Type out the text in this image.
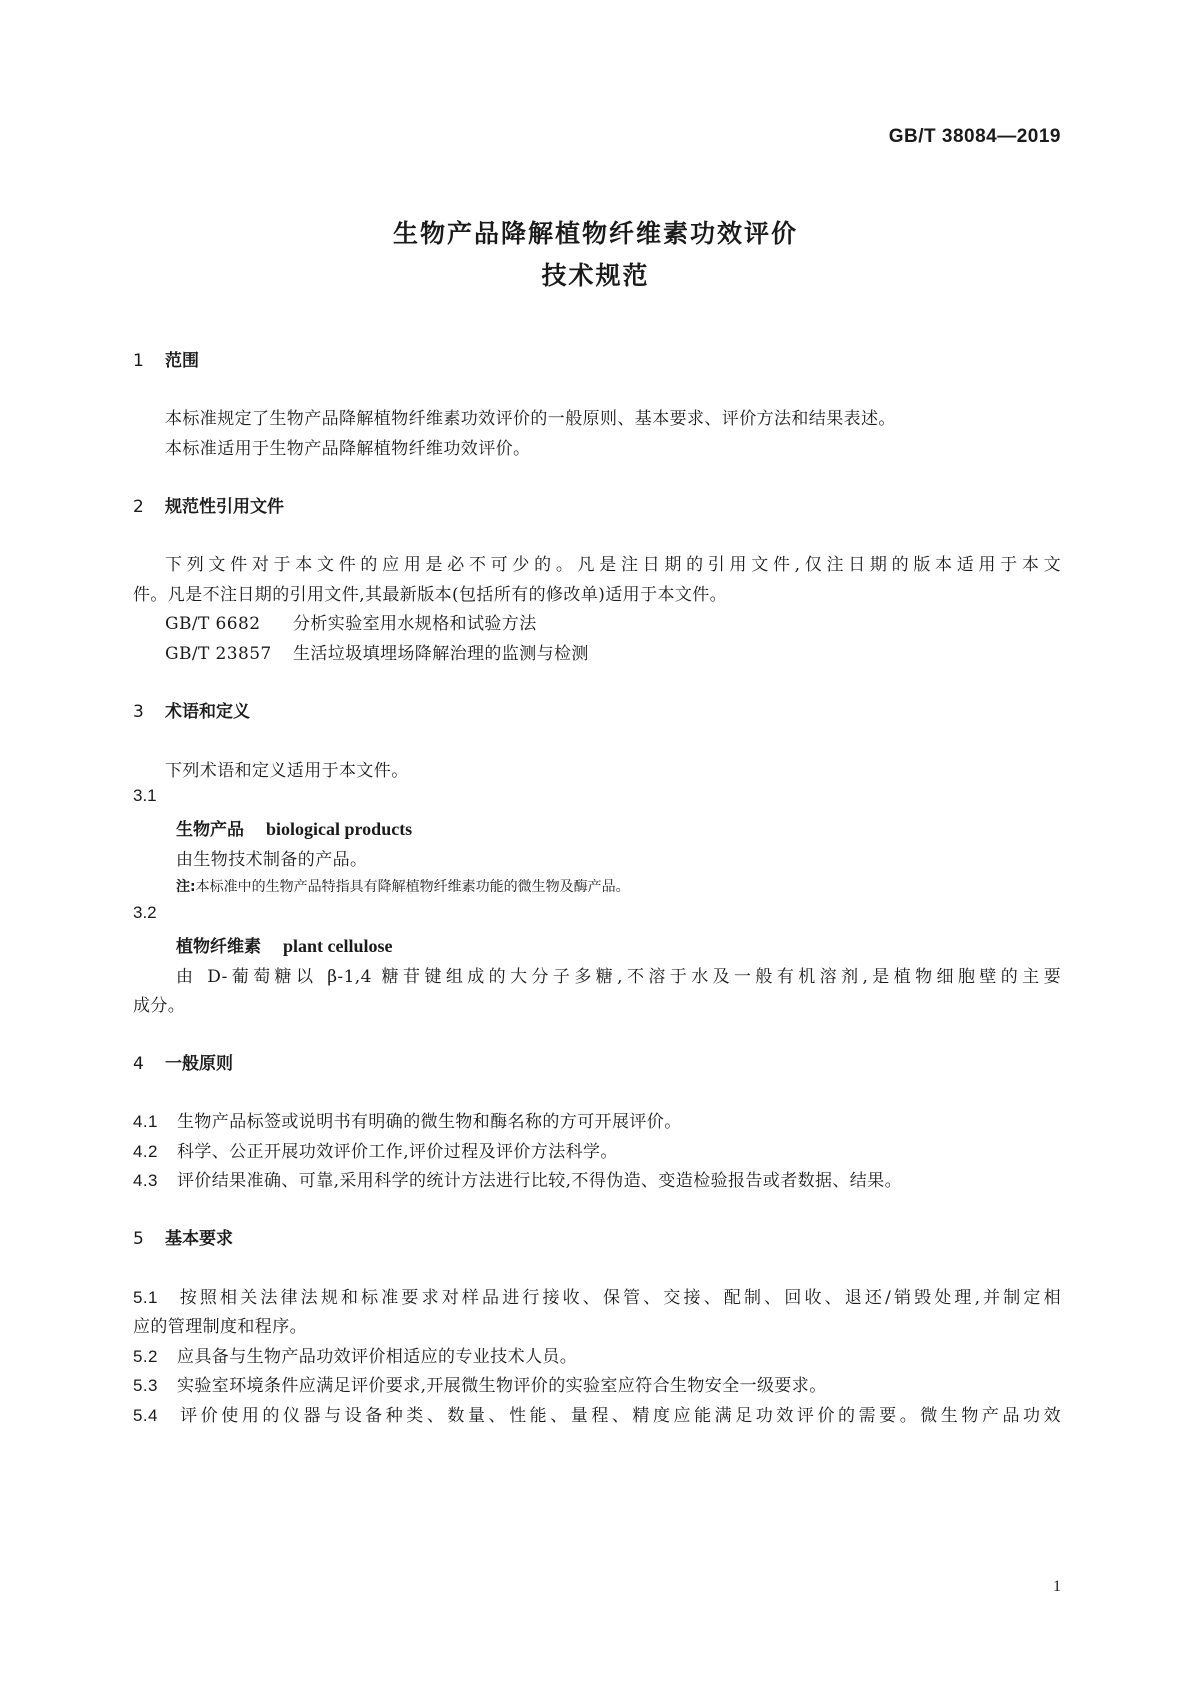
GB/T 38084—2019
生物产品降解植物纤维素功效评价
技术规范
1 范围
本标准规定了生物产品降解植物纤维素功效评价的一般原则、基本要求、评价方法和结果表述。
本标准适用于生物产品降解植物纤维功效评价。
2 规范性引用文件
下列文件对于本文件的应用是必不可少的。凡是注日期的引用文件,仅注日期的版本适用于本文
件。凡是不注日期的引用文件,其最新版本(包括所有的修改单)适用于本文件。
GB/T 6682 分析实验室用水规格和试验方法
GB/T 23857 生活垃圾填埋场降解治理的监测与检测
3 术语和定义
下列术语和定义适用于本文件。
3.1
生物产品 biological products
由生物技术制备的产品。
注:本标准中的生物产品特指具有降解植物纤维素功能的微生物及酶产品。
3.2
植物纤维素 plant cellulose
由 D-葡萄糖以 β-1,4 糖苷键组成的大分子多糖,不溶于水及一般有机溶剂,是植物细胞壁的主要
成分。
4 一般原则
4.1 生物产品标签或说明书有明确的微生物和酶名称的方可开展评价。
4.2 科学、公正开展功效评价工作,评价过程及评价方法科学。
4.3 评价结果准确、可靠,采用科学的统计方法进行比较,不得伪造、变造检验报告或者数据、结果。
5 基本要求
5.1 按照相关法律法规和标准要求对样品进行接收、保管、交接、配制、回收、退还/销毁处理,并制定相
应的管理制度和程序。
5.2 应具备与生物产品功效评价相适应的专业技术人员。
5.3 实验室环境条件应满足评价要求,开展微生物评价的实验室应符合生物安全一级要求。
5.4 评价使用的仪器与设备种类、数量、性能、量程、精度应能满足功效评价的需要。微生物产品功效
1
